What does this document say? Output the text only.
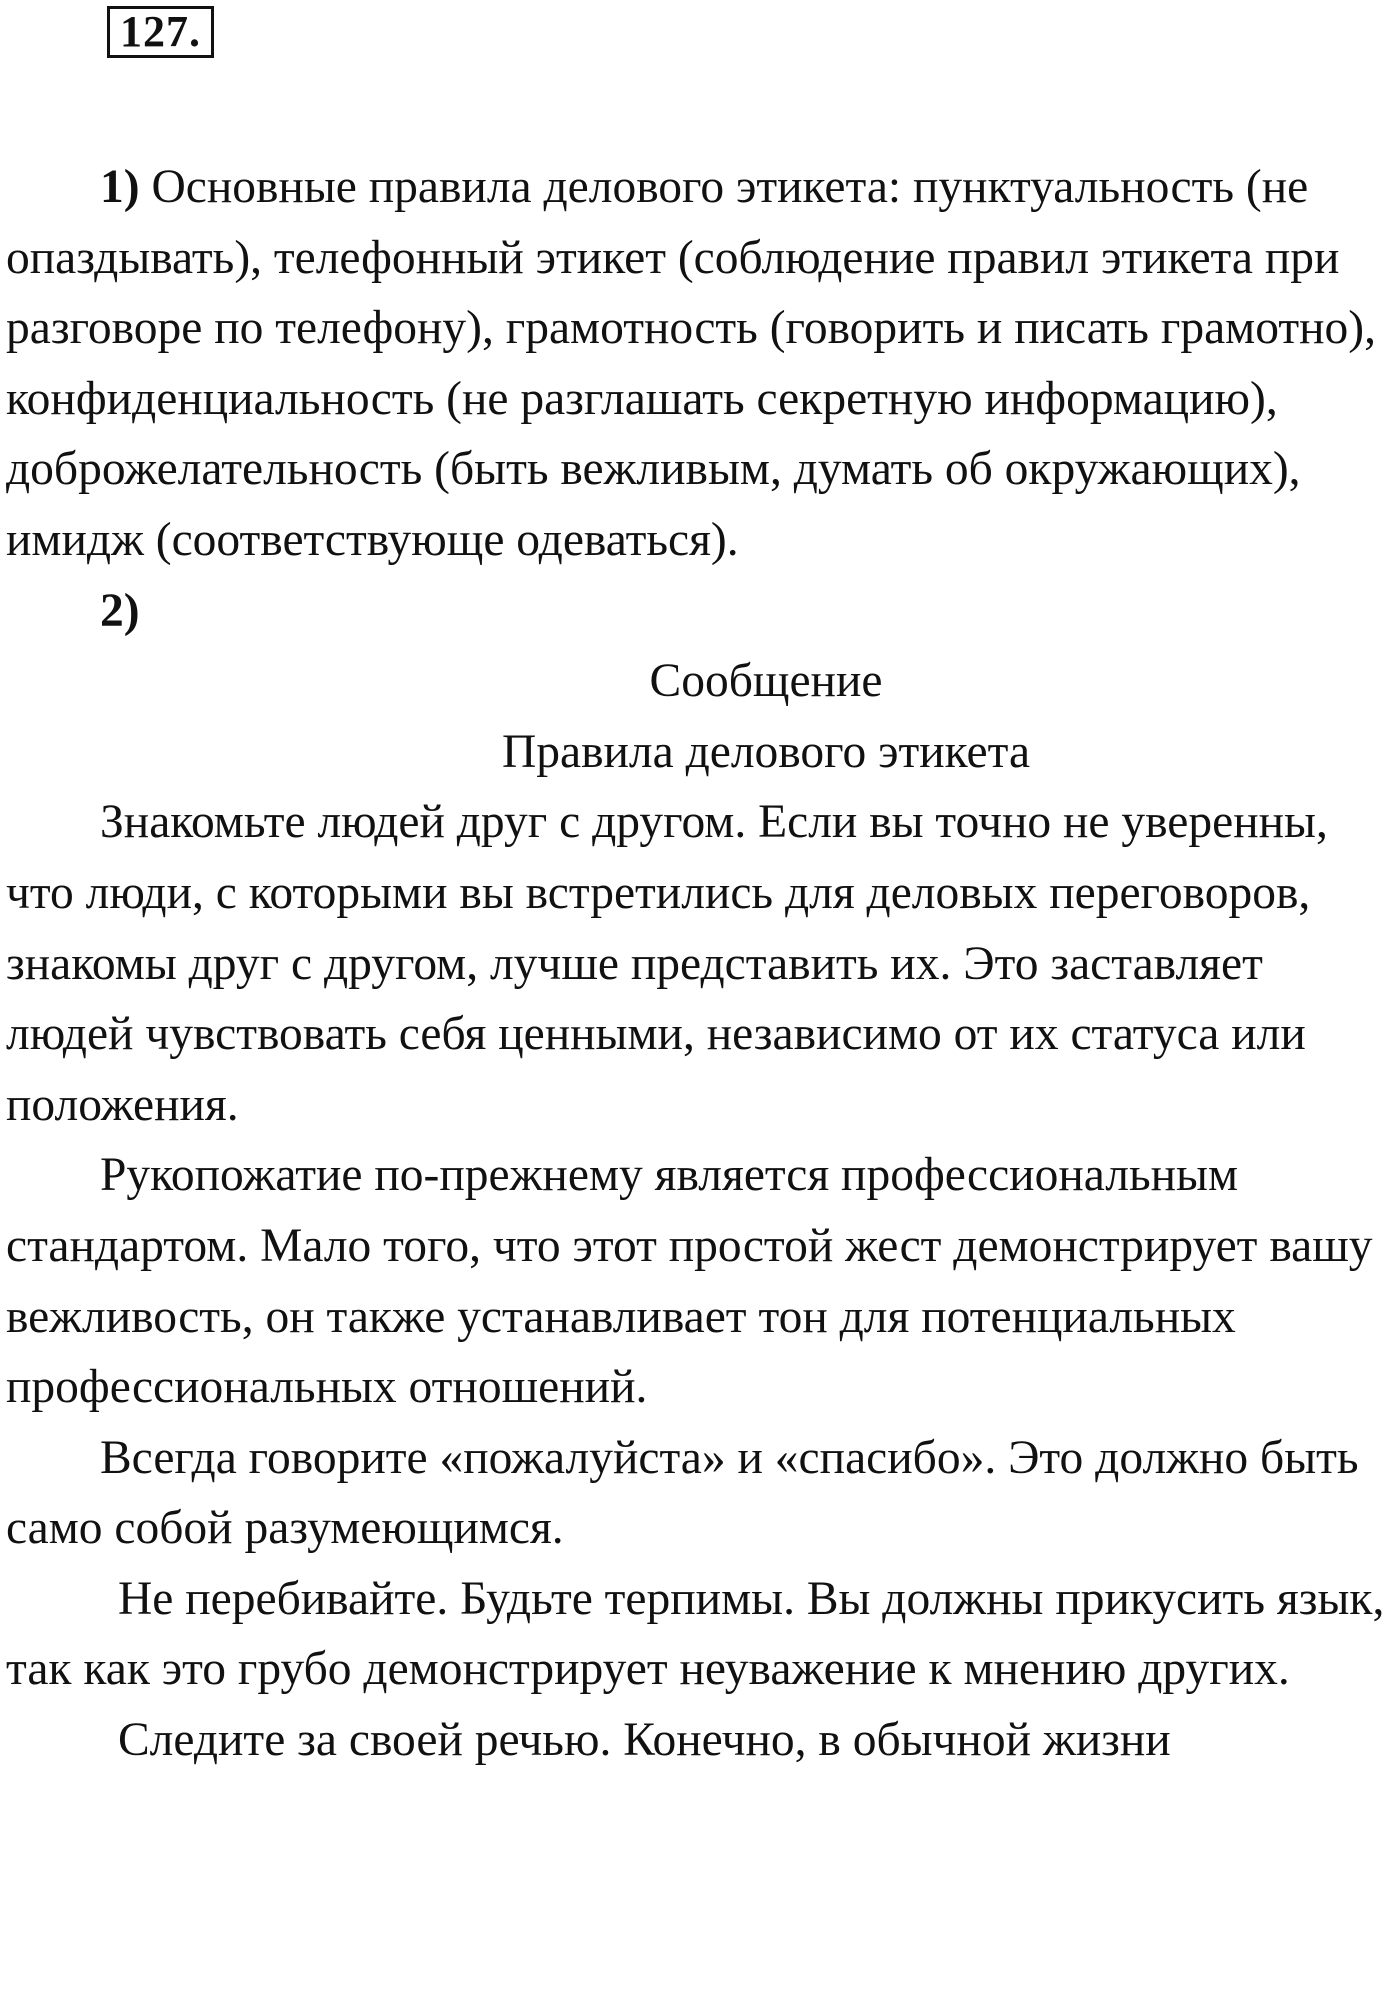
127.

1) Основные правила делового этикета: пунктуальность (не опаздывать), телефонный этикет (соблюдение правил этикета при разговоре по телефону), грамотность (говорить и писать грамотно), конфиденциальность (не разглашать секретную информацию), доброжелательность (быть вежливым, думать об окружающих), имидж (соответствующе одеваться).

2)

Сообщение

Правила делового этикета

Знакомьте людей друг с другом. Если вы точно не уверенны, что люди, с которыми вы встретились для деловых переговоров, знакомы друг с другом, лучше представить их. Это заставляет людей чувствовать себя ценными, независимо от их статуса или положения.

Рукопожатие по-прежнему является профессиональным стандартом. Мало того, что этот простой жест демонстрирует вашу вежливость, он также устанавливает тон для потенциальных профессиональных отношений.

Всегда говорите «пожалуйста» и «спасибо». Это должно быть само собой разумеющимся.

Не перебивайте. Будьте терпимы. Вы должны прикусить язык, так как это грубо демонстрирует неуважение к мнению других.

Следите за своей речью. Конечно, в обычной жизни
